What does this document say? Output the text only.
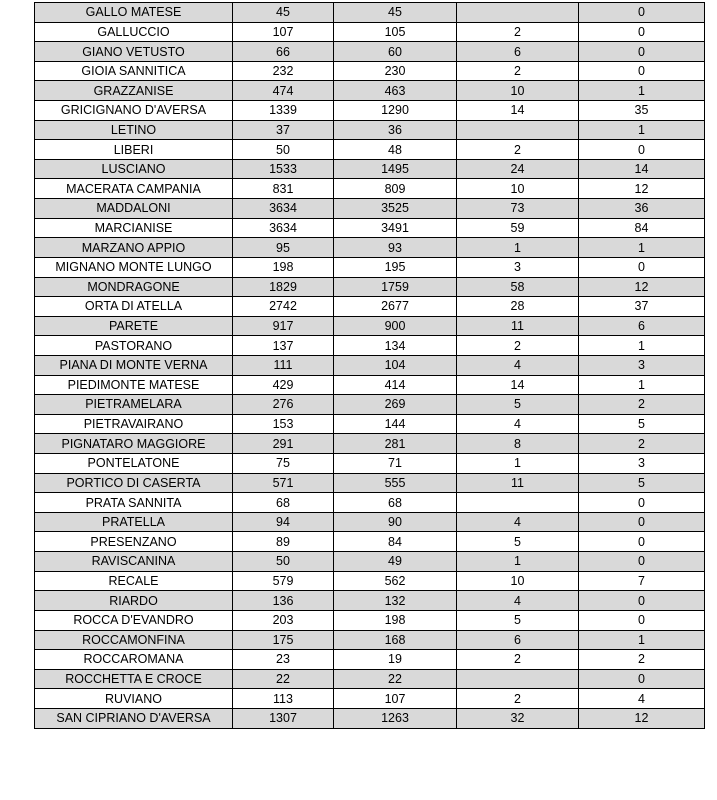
GALLO MATESE	45	45		0
GALLUCCIO	107	105	2	0
GIANO VETUSTO	66	60	6	0
GIOIA SANNITICA	232	230	2	0
GRAZZANISE	474	463	10	1
GRICIGNANO D'AVERSA	1339	1290	14	35
LETINO	37	36		1
LIBERI	50	48	2	0
LUSCIANO	1533	1495	24	14
MACERATA CAMPANIA	831	809	10	12
MADDALONI	3634	3525	73	36
MARCIANISE	3634	3491	59	84
MARZANO APPIO	95	93	1	1
MIGNANO MONTE LUNGO	198	195	3	0
MONDRAGONE	1829	1759	58	12
ORTA DI ATELLA	2742	2677	28	37
PARETE	917	900	11	6
PASTORANO	137	134	2	1
PIANA DI MONTE VERNA	111	104	4	3
PIEDIMONTE MATESE	429	414	14	1
PIETRAMELARA	276	269	5	2
PIETRAVAIRANO	153	144	4	5
PIGNATARO MAGGIORE	291	281	8	2
PONTELATONE	75	71	1	3
PORTICO DI CASERTA	571	555	11	5
PRATA SANNITA	68	68		0
PRATELLA	94	90	4	0
PRESENZANO	89	84	5	0
RAVISCANINA	50	49	1	0
RECALE	579	562	10	7
RIARDO	136	132	4	0
ROCCA D'EVANDRO	203	198	5	0
ROCCAMONFINA	175	168	6	1
ROCCAROMANA	23	19	2	2
ROCCHETTA E CROCE	22	22		0
RUVIANO	113	107	2	4
SAN CIPRIANO D'AVERSA	1307	1263	32	12
